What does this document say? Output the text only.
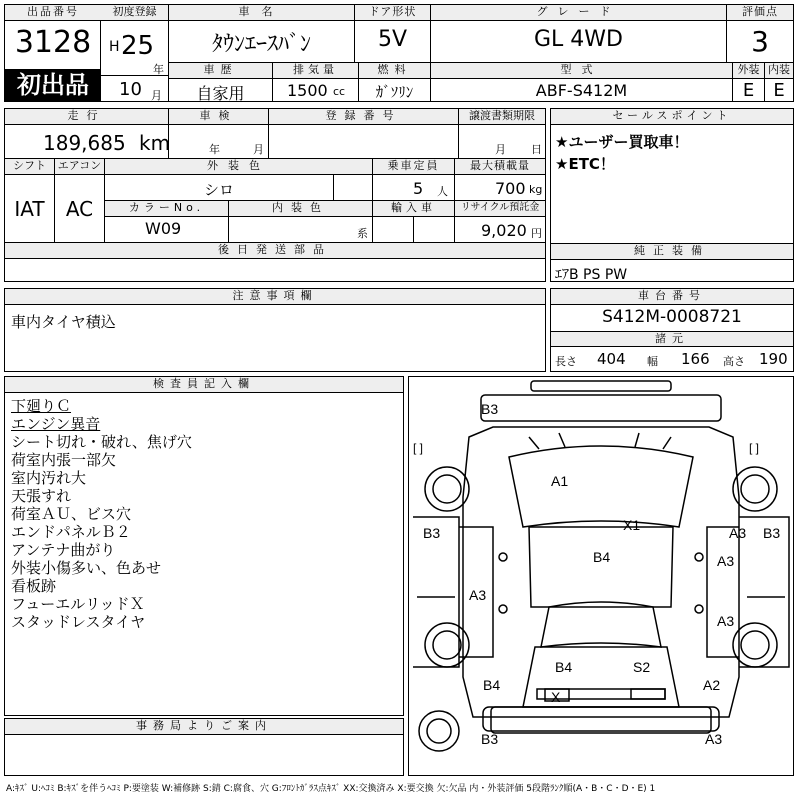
出品番号
3128
初出品
初度登録
H 25
年
10 月
車名
ﾀｳﾝｴｰｽﾊﾞﾝ
ドア形状
5V
グレード
GL 4WD
評価点
3
車歴
自家用
排気量
1500 cc
燃料
ｶﾞｿﾘﾝ
型式
ABF-S412M
外装
E
内装
E
走行
189,685 km
車検
年	月
登録番号	譲渡書類期限
月 日
シフト
IAT
エアコン
AC
外装色
シロ
乗車定員
5 人
最大積載量
700 kg
カラーNo.
W09
内装色
系
輸入車	リサイクル預託金
9,020 円
後日発送部品
セールスポイント
★ユーザー買取車！
★ETC！
純正装備
ｴｱB PS PW
注意事項欄
車内タイヤ積込
車台番号
S412M-0008721
諸元
長さ 404 幅 166 高さ 190
検査員記入欄
下廻りＣ
エンジン異音
シート切れ・破れ、焦げ穴
荷室内張一部欠
室内汚れ大
天張すれ
荷室ＡＵ、ビス穴
エンドパネルＢ２
アンテナ曲がり
外装小傷多い、色あせ
看板跡
フューエルリッドＸ
スタッドレスタイヤ
事務局よりご案内
[ ]	[ ]
B3
A1
X1
B3	A3
B4
B3
A3
A3
A3
B4	S2
B4
X
A2
B3	A3
A:ｷｽﾞ U:ﾍｺﾐ B:ｷｽﾞを伴うﾍｺﾐ P:要塗装 W:補修跡 S:錆 C:腐食、穴 G:ﾌﾛﾝﾄｶﾞﾗｽ点ｷｽﾞ XX:交換済み X:要交換 欠:欠品 内・外装評価 5段階ﾗﾝｸ順(A・B・C・D・E) 1
